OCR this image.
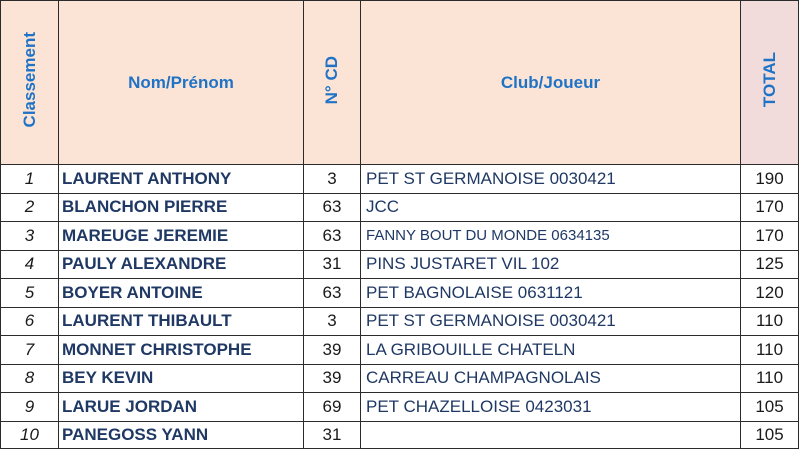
Classement	Nom/Prénom	N° CD	Club/Joueur	TOTAL
1	LAURENT ANTHONY	3	PET ST GERMANOISE 0030421	190
2	BLANCHON PIERRE	63	JCC	170
3	MAREUGE JEREMIE	63	FANNY BOUT DU MONDE 0634135	170
4	PAULY ALEXANDRE	31	PINS JUSTARET VIL 102	125
5	BOYER ANTOINE	63	PET BAGNOLAISE 0631121	120
6	LAURENT THIBAULT	3	PET ST GERMANOISE 0030421	110
7	MONNET CHRISTOPHE	39	LA GRIBOUILLE CHATELN	110
8	BEY KEVIN	39	CARREAU CHAMPAGNOLAIS	110
9	LARUE JORDAN	69	PET CHAZELLOISE 0423031	105
10	PANEGOSS YANN	31		105
